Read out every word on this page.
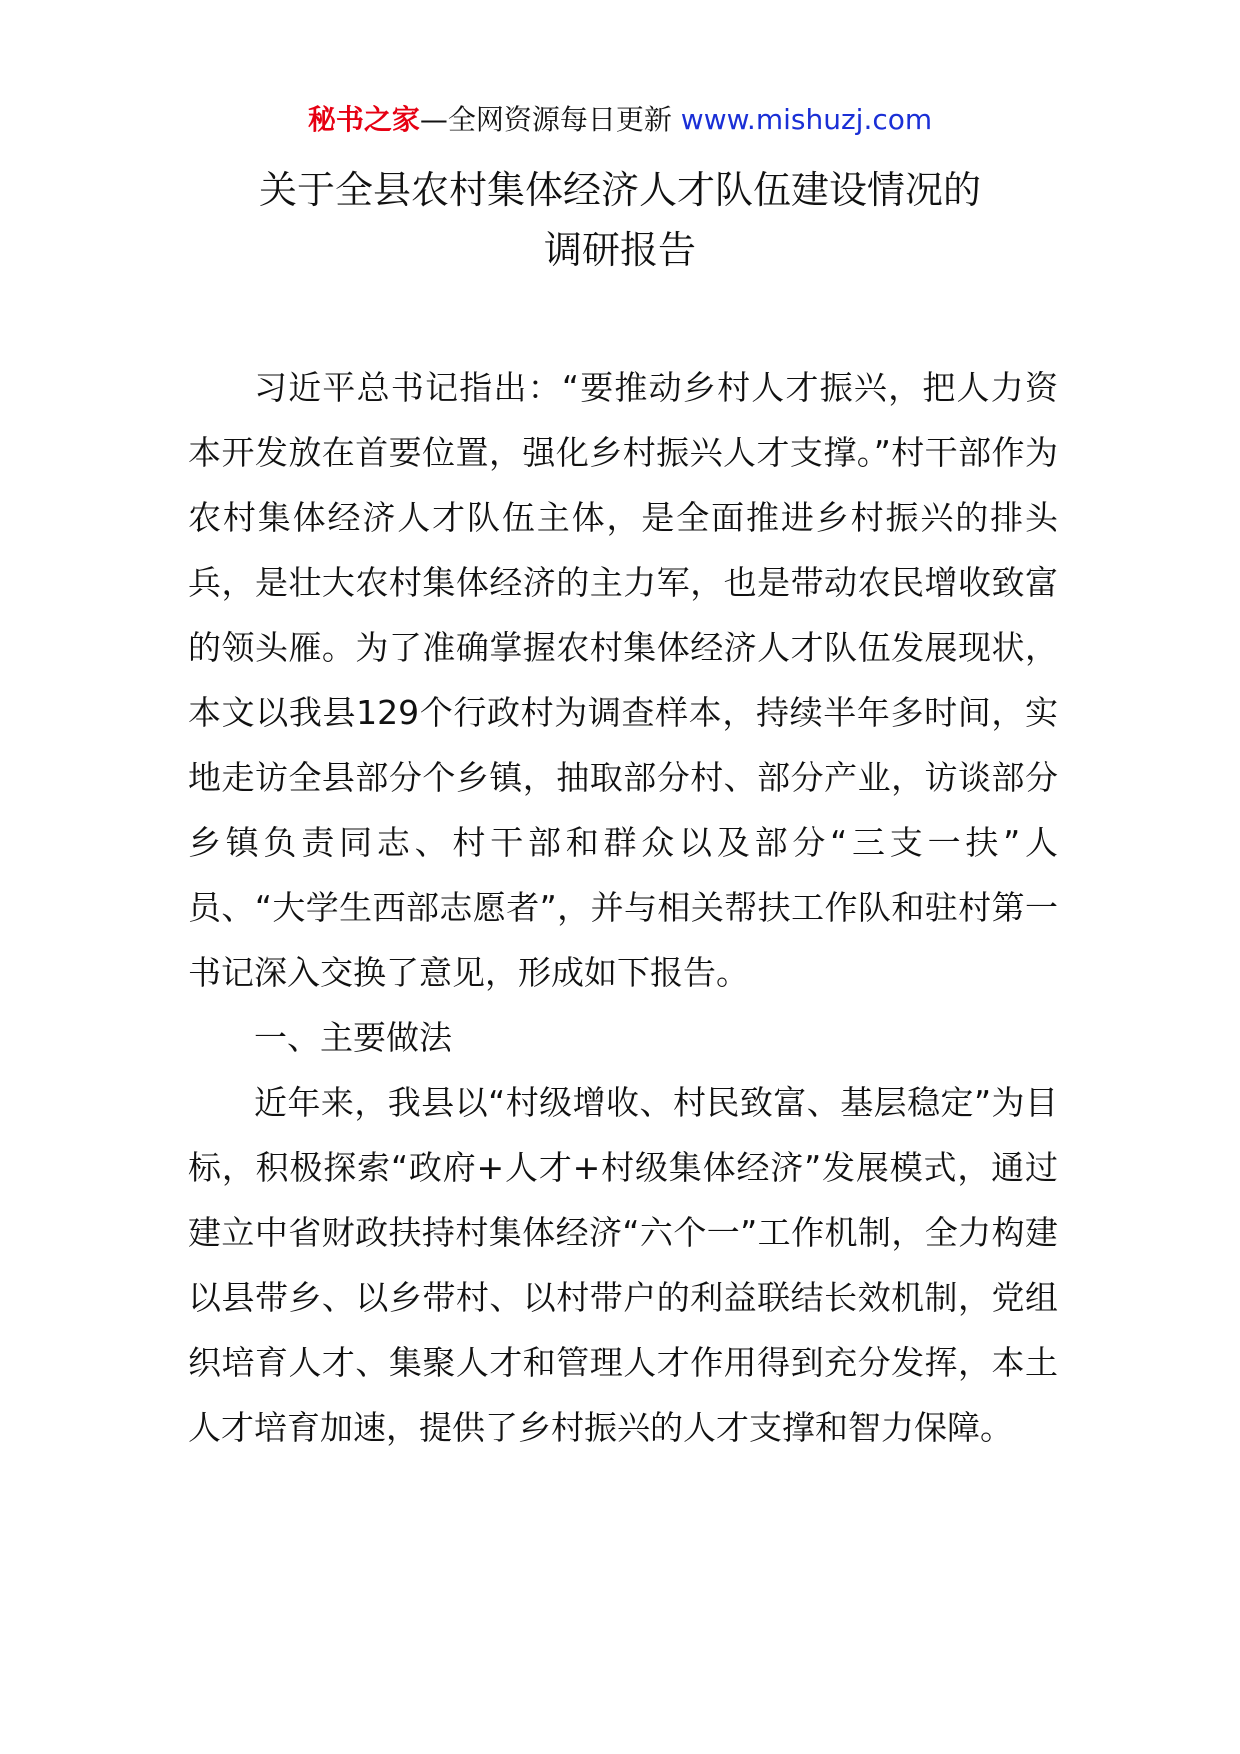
秘书之家—全网资源每日更新 www.mishuzj.com
关于全县农村集体经济人才队伍建设情况的
调研报告

习近平总书记指出：“要推动乡村人才振兴，把人力资本开发放在首要位置，强化乡村振兴人才支撑。”村干部作为农村集体经济人才队伍主体，是全面推进乡村振兴的排头兵，是壮大农村集体经济的主力军，也是带动农民增收致富的领头雁。为了准确掌握农村集体经济人才队伍发展现状，本文以我县129个行政村为调查样本，持续半年多时间，实地走访全县部分个乡镇，抽取部分村、部分产业，访谈部分乡镇负责同志、村干部和群众以及部分“三支一扶”人员、“大学生西部志愿者”，并与相关帮扶工作队和驻村第一书记深入交换了意见，形成如下报告。

一、主要做法

近年来，我县以“村级增收、村民致富、基层稳定”为目标，积极探索“政府+人才+村级集体经济”发展模式，通过建立中省财政扶持村集体经济“六个一”工作机制，全力构建以县带乡、以乡带村、以村带户的利益联结长效机制，党组织培育人才、集聚人才和管理人才作用得到充分发挥，本土人才培育加速，提供了乡村振兴的人才支撑和智力保障。
